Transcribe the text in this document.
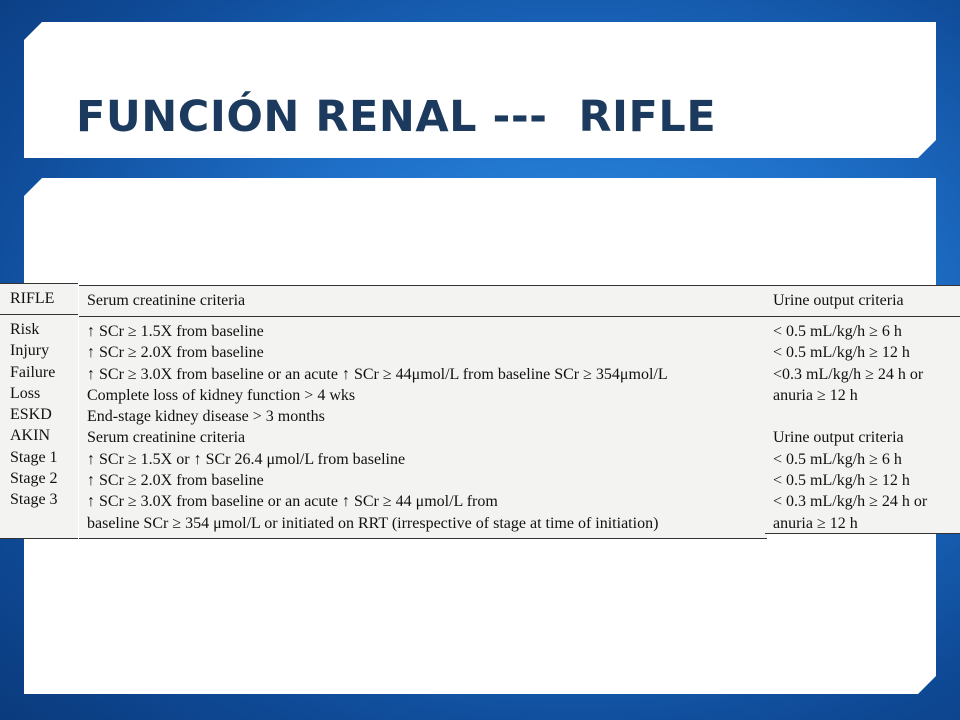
FUNCIÓN RENAL ---  RIFLE
RIFLE
Risk
Injury
Failure
Loss
ESKD
AKIN
Stage 1
Stage 2
Stage 3
Serum creatinine criteria
↑ SCr ≥ 1.5X from baseline
↑ SCr ≥ 2.0X from baseline
↑ SCr ≥ 3.0X from baseline or an acute ↑ SCr ≥ 44μmol/L from baseline SCr ≥ 354μmol/L
Complete loss of kidney function > 4 wks
End-stage kidney disease > 3 months
Serum creatinine criteria
↑ SCr ≥ 1.5X or ↑ SCr 26.4 μmol/L from baseline
↑ SCr ≥ 2.0X from baseline
↑ SCr ≥ 3.0X from baseline or an acute ↑ SCr ≥ 44 μmol/L from
baseline SCr ≥ 354 μmol/L or initiated on RRT (irrespective of stage at time of initiation)
Urine output criteria
< 0.5 mL/kg/h ≥ 6 h
< 0.5 mL/kg/h ≥ 12 h
<0.3 mL/kg/h ≥ 24 h or
anuria ≥ 12 h
Urine output criteria
< 0.5 mL/kg/h ≥ 6 h
< 0.5 mL/kg/h ≥ 12 h
< 0.3 mL/kg/h ≥ 24 h or
anuria ≥ 12 h
